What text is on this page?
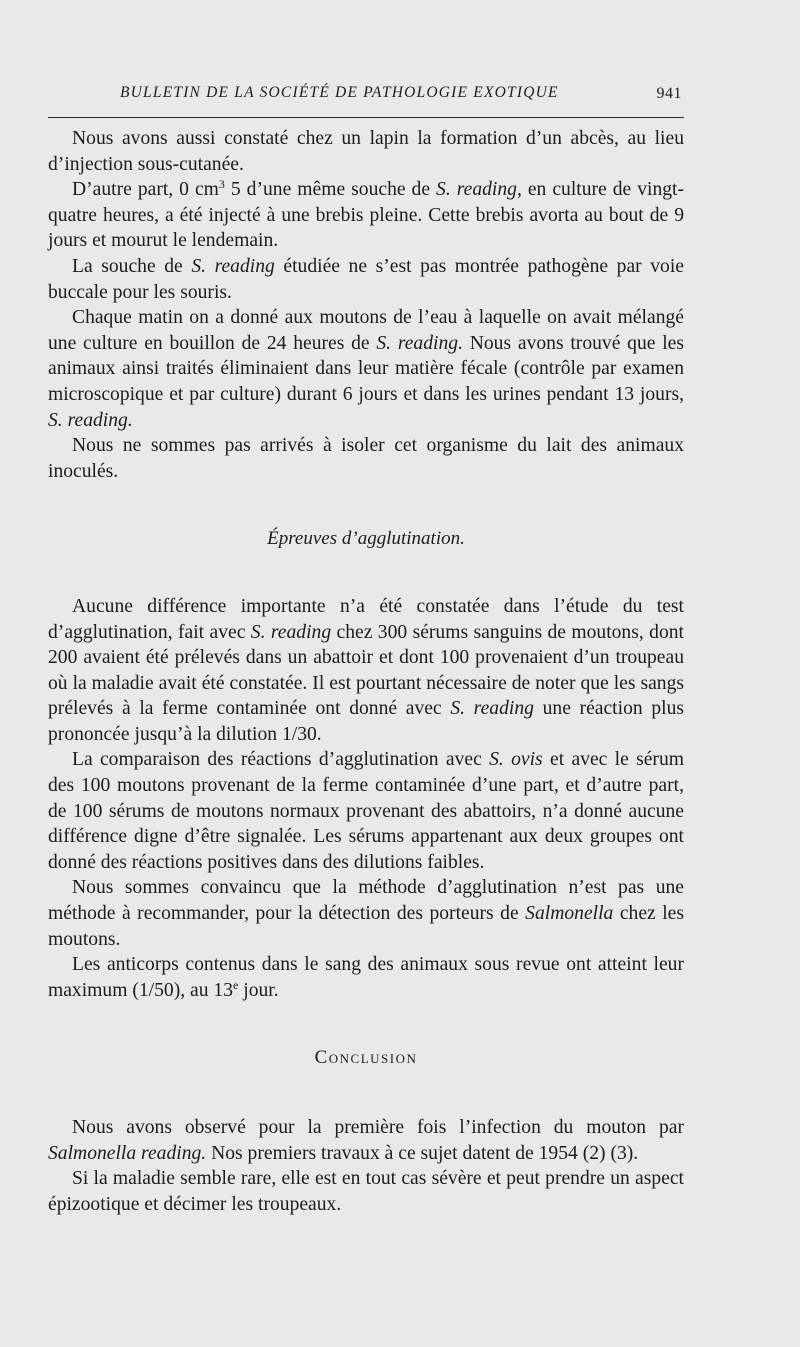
BULLETIN DE LA SOCIÉTÉ DE PATHOLOGIE EXOTIQUE	941

Nous avons aussi constaté chez un lapin la formation d’un abcès, au lieu d’injection sous-cutanée.

D’autre part, 0 $cm^3$ 5 d’une même souche de S. reading, en culture de vingt-quatre heures, a été injecté à une brebis pleine. Cette brebis avorta au bout de 9 jours et mourut le lendemain.

La souche de S. reading étudiée ne s’est pas montrée pathogène par voie buccale pour les souris.

Chaque matin on a donné aux moutons de l’eau à laquelle on avait mélangé une culture en bouillon de 24 heures de S. reading. Nous avons trouvé que les animaux ainsi traités éliminaient dans leur matière fécale (contrôle par examen microscopique et par culture) durant 6 jours et dans les urines pendant 13 jours, S. reading.

Nous ne sommes pas arrivés à isoler cet organisme du lait des animaux inoculés.

Épreuves d’agglutination.

Aucune différence importante n’a été constatée dans l’étude du test d’agglutination, fait avec S. reading chez 300 sérums sanguins de moutons, dont 200 avaient été prélevés dans un abattoir et dont 100 provenaient d’un troupeau où la maladie avait été constatée. Il est pourtant nécessaire de noter que les sangs prélevés à la ferme contaminée ont donné avec S. reading une réaction plus prononcée jusqu’à la dilution 1/30.

La comparaison des réactions d’agglutination avec S. ovis et avec le sérum des 100 moutons provenant de la ferme contaminée d’une part, et d’autre part, de 100 sérums de moutons normaux provenant des abattoirs, n’a donné aucune différence digne d’être signalée. Les sérums appartenant aux deux groupes ont donné des réactions positives dans des dilutions faibles.

Nous sommes convaincu que la méthode d’agglutination n’est pas une méthode à recommander, pour la détection des porteurs de Salmonella chez les moutons.

Les anticorps contenus dans le sang des animaux sous revue ont atteint leur maximum (1/50), au 13e jour.

Conclusion

Nous avons observé pour la première fois l’infection du mouton par Salmonella reading. Nos premiers travaux à ce sujet datent de 1954 (2) (3).

Si la maladie semble rare, elle est en tout cas sévère et peut prendre un aspect épizootique et décimer les troupeaux.
